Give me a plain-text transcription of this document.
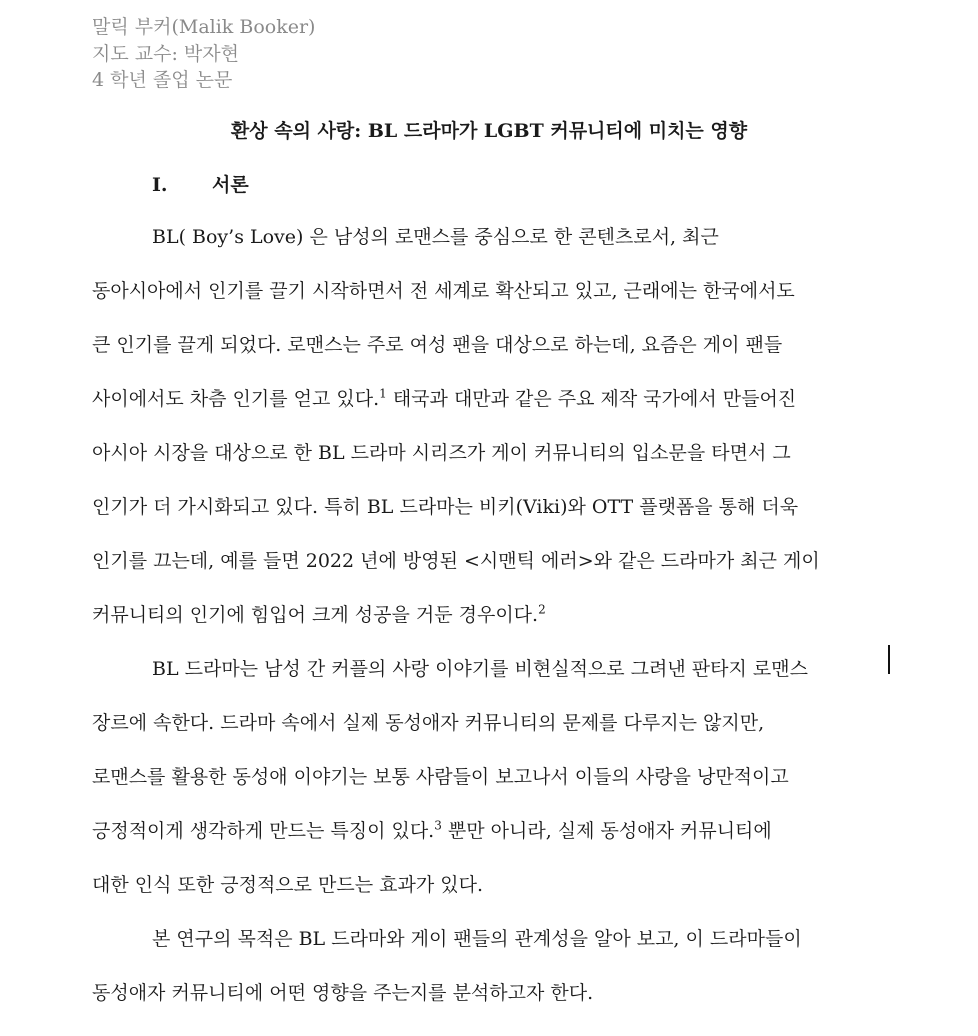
말릭 부커(Malik Booker)
지도 교수: 박자현
4 학년 졸업 논문
환상 속의 사랑: BL 드라마가 LGBT 커뮤니티에 미치는 영향
I. 서론
BL( Boy’s Love) 은 남성의 로맨스를 중심으로 한 콘텐츠로서, 최근
동아시아에서 인기를 끌기 시작하면서 전 세계로 확산되고 있고, 근래에는 한국에서도
큰 인기를 끌게 되었다. 로맨스는 주로 여성 팬을 대상으로 하는데, 요즘은 게이 팬들
사이에서도 차츰 인기를 얻고 있다.$^1$ 태국과 대만과 같은 주요 제작 국가에서 만들어진
아시아 시장을 대상으로 한 BL 드라마 시리즈가 게이 커뮤니티의 입소문을 타면서 그
인기가 더 가시화되고 있다. 특히 BL 드라마는 비키(Viki)와 OTT 플랫폼을 통해 더욱
인기를 끄는데, 예를 들면 2022 년에 방영된 <시맨틱 에러>와 같은 드라마가 최근 게이
커뮤니티의 인기에 힘입어 크게 성공을 거둔 경우이다.$^2$
BL 드라마는 남성 간 커플의 사랑 이야기를 비현실적으로 그려낸 판타지 로맨스
장르에 속한다. 드라마 속에서 실제 동성애자 커뮤니티의 문제를 다루지는 않지만,
로맨스를 활용한 동성애 이야기는 보통 사람들이 보고나서 이들의 사랑을 낭만적이고
긍정적이게 생각하게 만드는 특징이 있다.$^3$ 뿐만 아니라, 실제 동성애자 커뮤니티에
대한 인식 또한 긍정적으로 만드는 효과가 있다.
본 연구의 목적은 BL 드라마와 게이 팬들의 관계성을 알아 보고, 이 드라마들이
동성애자 커뮤니티에 어떤 영향을 주는지를 분석하고자 한다.
